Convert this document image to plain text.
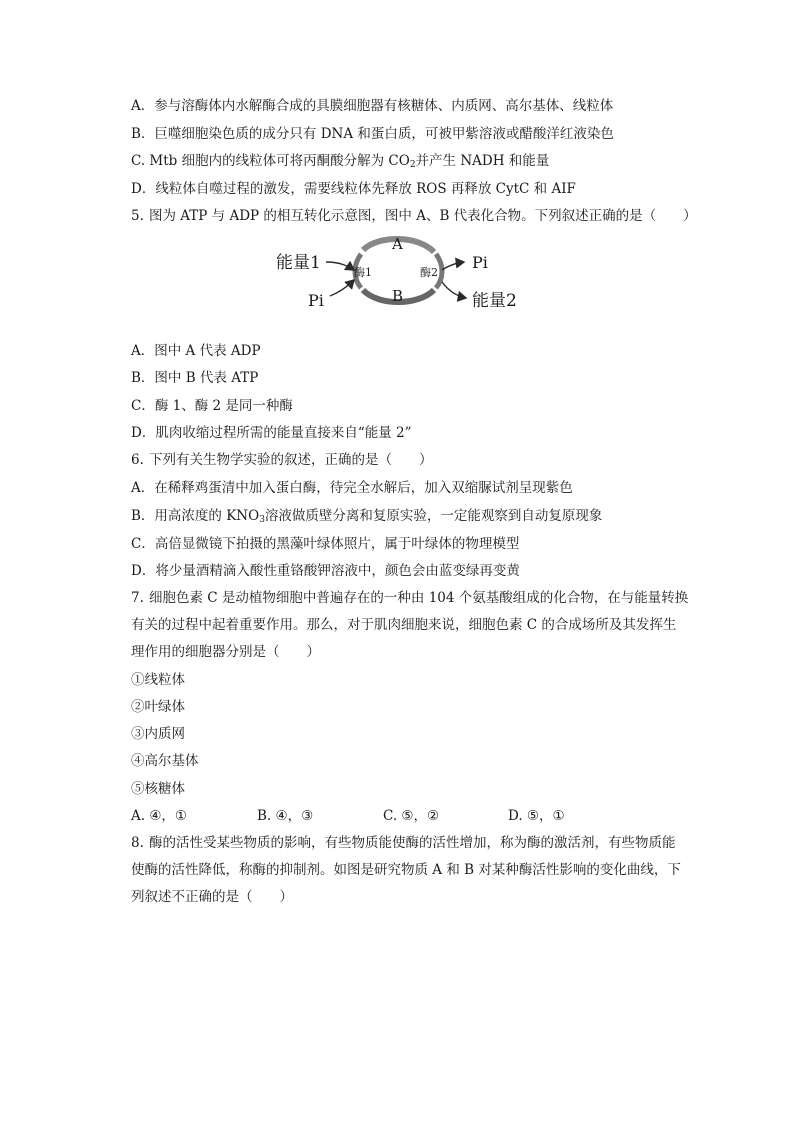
A．参与溶酶体内水解酶合成的具膜细胞器有核糖体、内质网、高尔基体、线粒体
B．巨噬细胞染色质的成分只有 DNA 和蛋白质，可被甲紫溶液或醋酸洋红液染色
C. Mtb 细胞内的线粒体可将丙酮酸分解为 $CO_2$并产生 NADH 和能量
D．线粒体自噬过程的激发，需要线粒体先释放 ROS 再释放 CytC 和 AIF
5. 图为 ATP 与 ADP 的相互转化示意图，图中 A、B 代表化合物。下列叙述正确的是（　　）
能量1
Pi
A
B
酶1	酶2
Pi
能量2
A．图中 A 代表 ADP
B．图中 B 代表 ATP
C．酶 1、酶 2 是同一种酶
D．肌肉收缩过程所需的能量直接来自“能量 2”
6. 下列有关生物学实验的叙述，正确的是（　　）
A．在稀释鸡蛋清中加入蛋白酶，待完全水解后，加入双缩脲试剂呈现紫色
B．用高浓度的 $KNO_3$溶液做质壁分离和复原实验，一定能观察到自动复原现象
C．高倍显微镜下拍摄的黑藻叶绿体照片，属于叶绿体的物理模型
D．将少量酒精滴入酸性重铬酸钾溶液中，颜色会由蓝变绿再变黄
7. 细胞色素 C 是动植物细胞中普遍存在的一种由 104 个氨基酸组成的化合物，在与能量转换
有关的过程中起着重要作用。那么，对于肌肉细胞来说，细胞色素 C 的合成场所及其发挥生
理作用的细胞器分别是（　　）
①线粒体
②叶绿体
③内质网
④高尔基体
⑤核糖体
A. ④，①	B. ④，③	C. ⑤，②	D. ⑤，①
8. 酶的活性受某些物质的影响，有些物质能使酶的活性增加，称为酶的激活剂，有些物质能
使酶的活性降低，称酶的抑制剂。如图是研究物质 A 和 B 对某种酶活性影响的变化曲线，下
列叙述不正确的是（　　）
